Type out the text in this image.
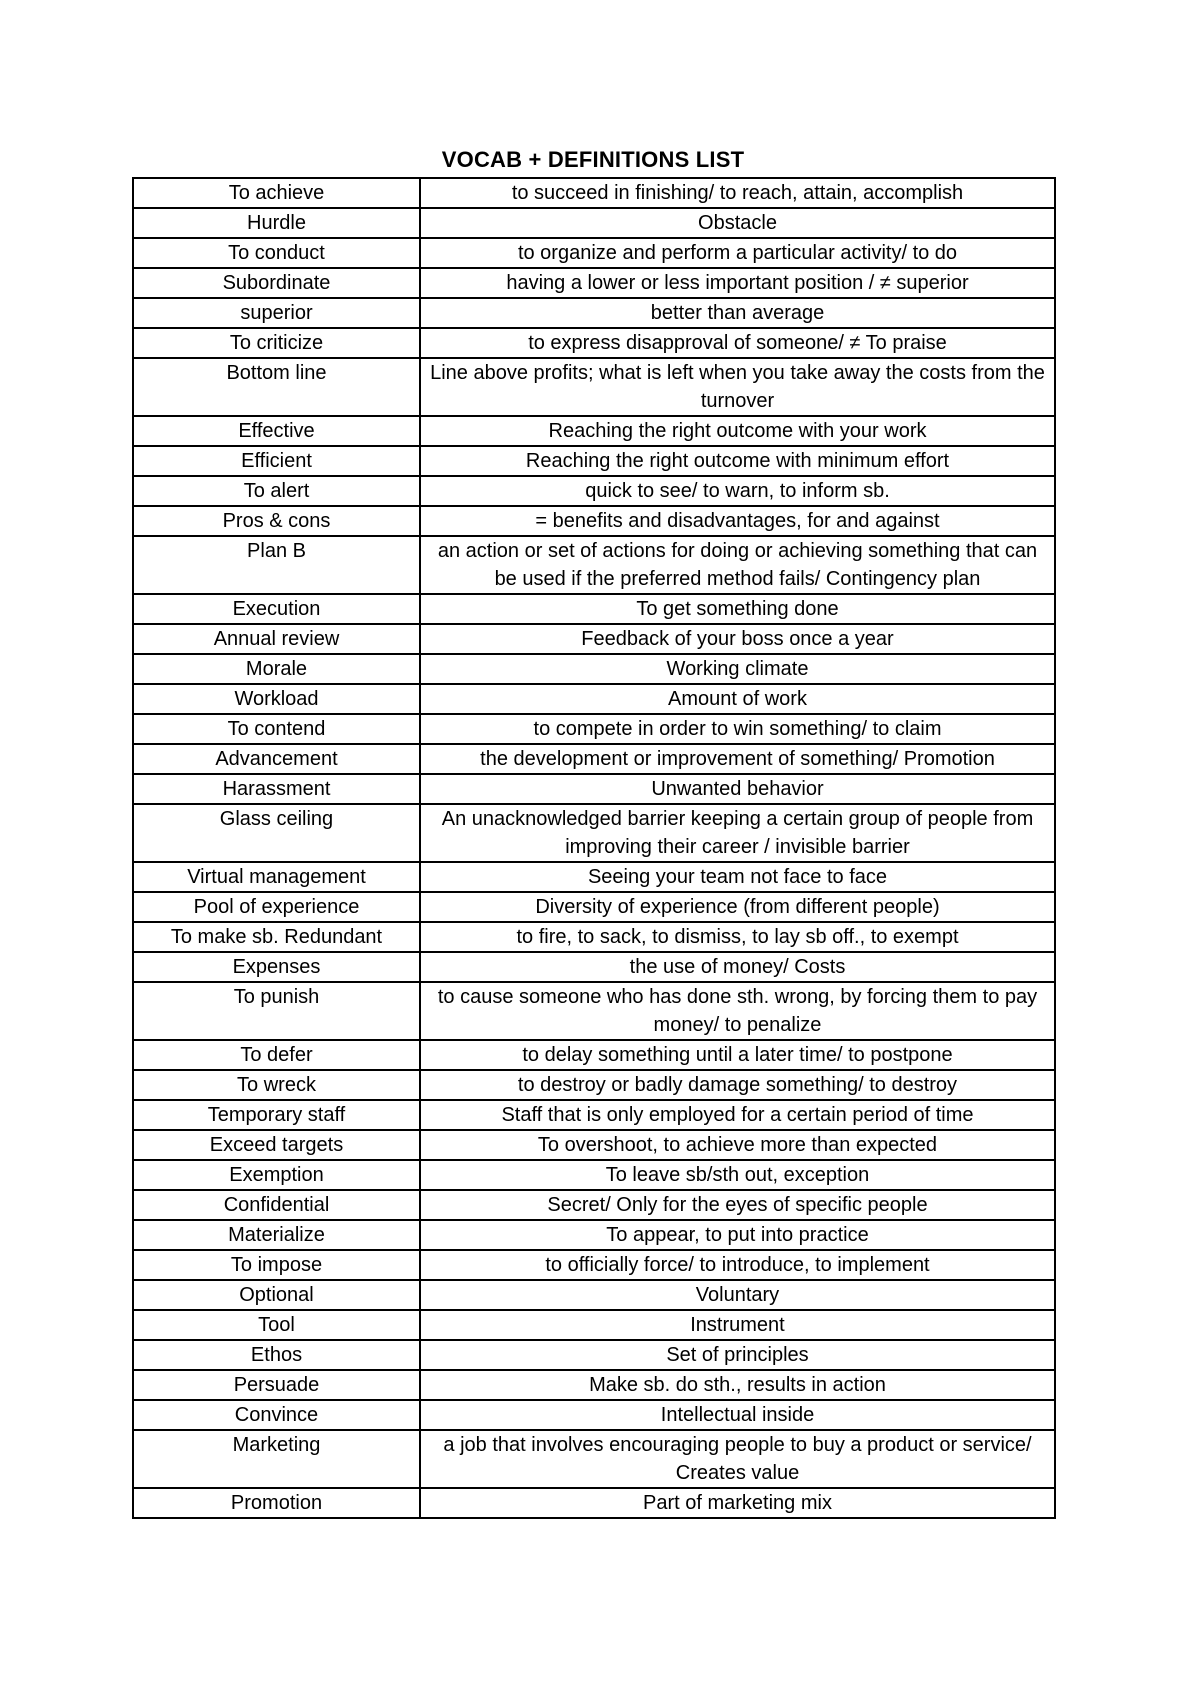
VOCAB + DEFINITIONS LIST
To achieve	to succeed in finishing/ to reach, attain, accomplish
Hurdle	Obstacle
To conduct	to organize and perform a particular activity/ to do
Subordinate	having a lower or less important position / ≠ superior
superior	better than average
To criticize	to express disapproval of someone/ ≠ To praise
Bottom line	Line above profits; what is left when you take away the costs from the turnover
Effective	Reaching the right outcome with your work
Efficient	Reaching the right outcome with minimum effort
To alert	quick to see/ to warn, to inform sb.
Pros & cons	= benefits and disadvantages, for and against
Plan B	an action or set of actions for doing or achieving something that can be used if the preferred method fails/ Contingency plan
Execution	To get something done
Annual review	Feedback of your boss once a year
Morale	Working climate
Workload	Amount of work
To contend	to compete in order to win something/ to claim
Advancement	the development or improvement of something/ Promotion
Harassment	Unwanted behavior
Glass ceiling	An unacknowledged barrier keeping a certain group of people from improving their career / invisible barrier
Virtual management	Seeing your team not face to face
Pool of experience	Diversity of experience (from different people)
To make sb. Redundant	to fire, to sack, to dismiss, to lay sb off., to exempt
Expenses	the use of money/ Costs
To punish	to cause someone who has done sth. wrong, by forcing them to pay money/ to penalize
To defer	to delay something until a later time/ to postpone
To wreck	to destroy or badly damage something/ to destroy
Temporary staff	Staff that is only employed for a certain period of time
Exceed targets	To overshoot, to achieve more than expected
Exemption	To leave sb/sth out, exception
Confidential	Secret/ Only for the eyes of specific people
Materialize	To appear, to put into practice
To impose	to officially force/ to introduce, to implement
Optional	Voluntary
Tool	Instrument
Ethos	Set of principles
Persuade	Make sb. do sth., results in action
Convince	Intellectual inside
Marketing	a job that involves encouraging people to buy a product or service/ Creates value
Promotion	Part of marketing mix
